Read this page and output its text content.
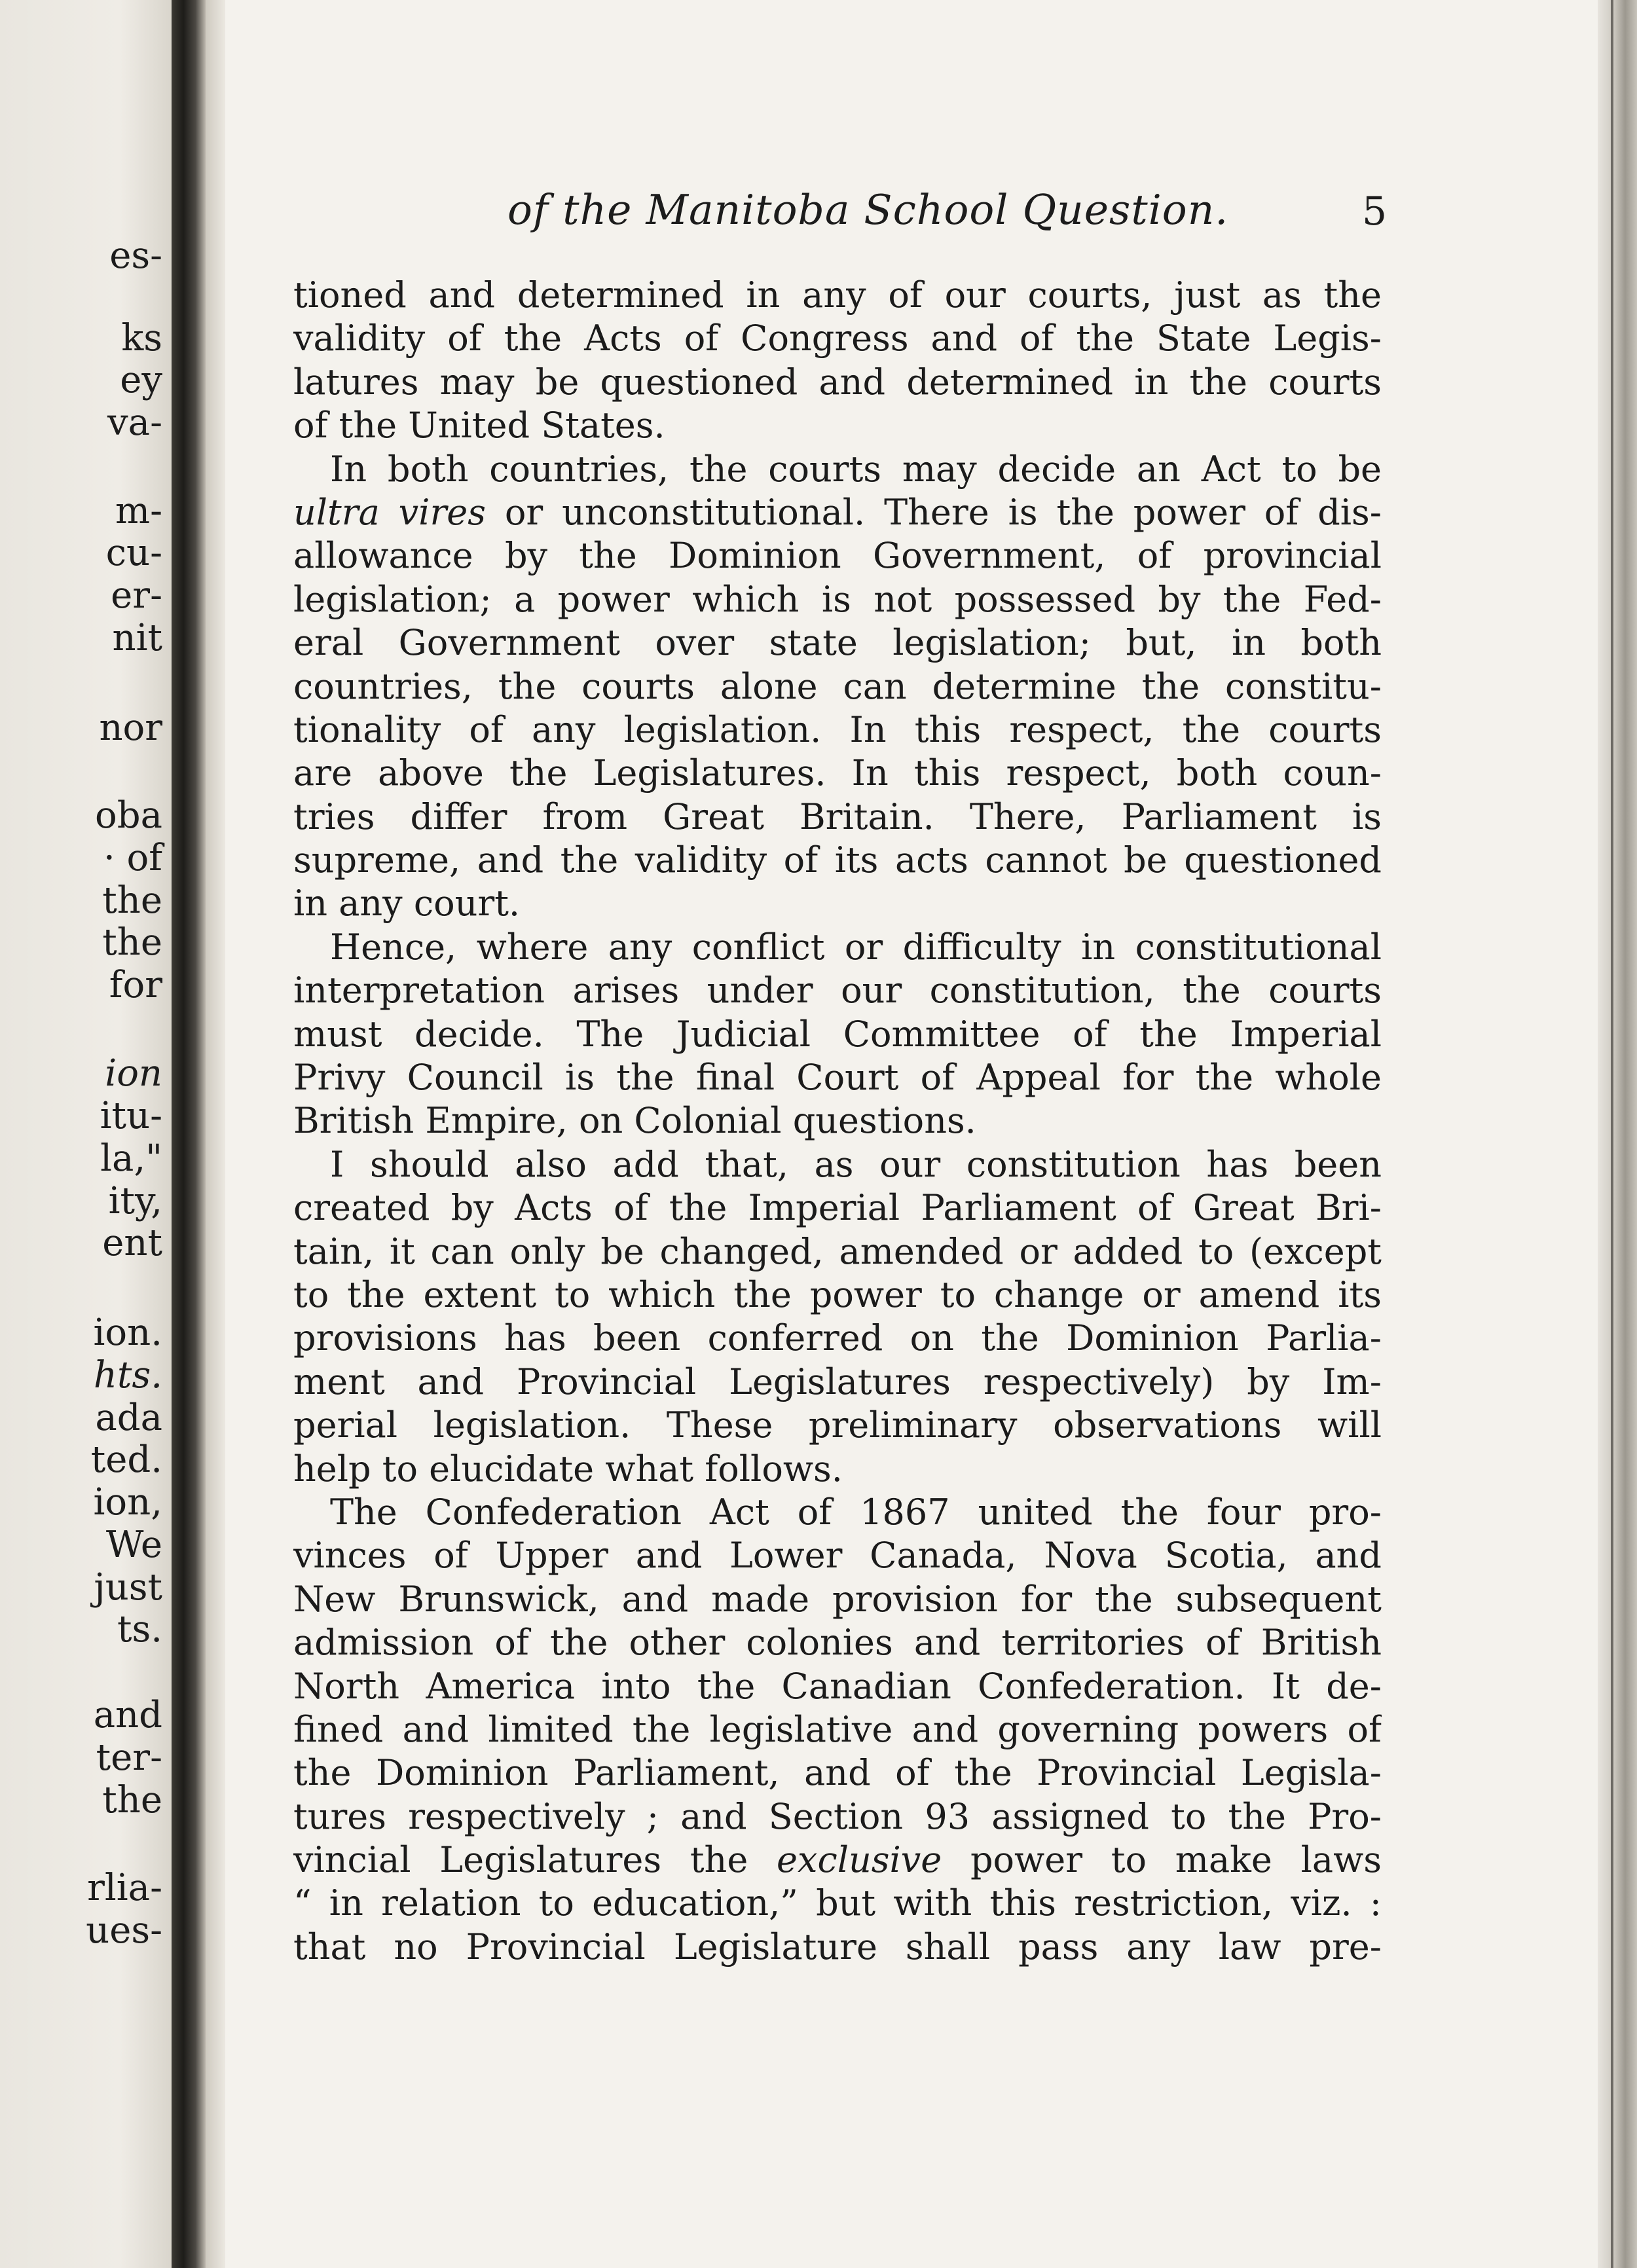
es-
ks
ey
va-
m-
cu-
er-
nit
nor
oba
· of
the
the
for
ion
itu-
la,"
ity,
ent
ion.
hts.
ada
ted.
ion,
We
just
ts.
and
ter-
the
rlia-
ues-
of the Manitoba School Question.	5
tioned and determined in any of our courts, just as the
validity of the Acts of Congress and of the State Legis-
latures may be questioned and determined in the courts
of the United States.
In both countries, the courts may decide an Act to be
ultra vires or unconstitutional. There is the power of dis-
allowance by the Dominion Government, of provincial
legislation; a power which is not possessed by the Fed-
eral Government over state legislation; but, in both
countries, the courts alone can determine the constitu-
tionality of any legislation. In this respect, the courts
are above the Legislatures. In this respect, both coun-
tries differ from Great Britain. There, Parliament is
supreme, and the validity of its acts cannot be questioned
in any court.
Hence, where any conflict or difficulty in constitutional
interpretation arises under our constitution, the courts
must decide. The Judicial Committee of the Imperial
Privy Council is the final Court of Appeal for the whole
British Empire, on Colonial questions.
I should also add that, as our constitution has been
created by Acts of the Imperial Parliament of Great Bri-
tain, it can only be changed, amended or added to (except
to the extent to which the power to change or amend its
provisions has been conferred on the Dominion Parlia-
ment and Provincial Legislatures respectively) by Im-
perial legislation. These preliminary observations will
help to elucidate what follows.
The Confederation Act of 1867 united the four pro-
vinces of Upper and Lower Canada, Nova Scotia, and
New Brunswick, and made provision for the subsequent
admission of the other colonies and territories of British
North America into the Canadian Confederation. It de-
fined and limited the legislative and governing powers of
the Dominion Parliament, and of the Provincial Legisla-
tures respectively ; and Section 93 assigned to the Pro-
vincial Legislatures the exclusive power to make laws
“ in relation to education,” but with this restriction, viz. :
that no Provincial Legislature shall pass any law pre-
